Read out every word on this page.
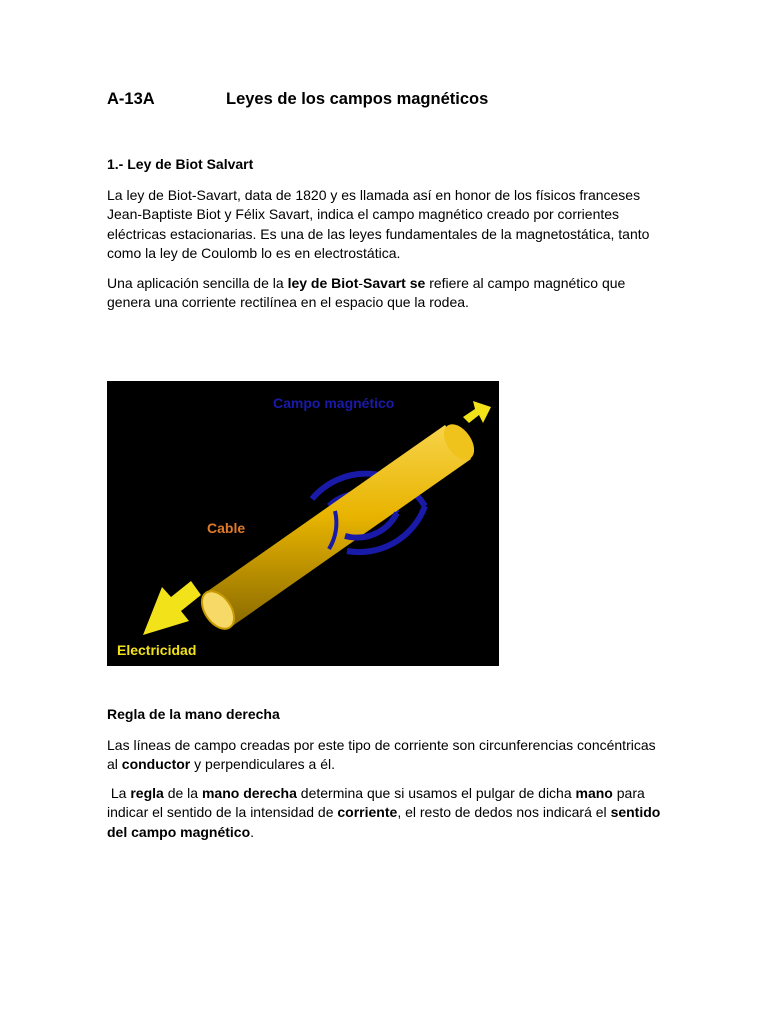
A-13A	Leyes de los campos magnéticos
1.- Ley de Biot Salvart

La ley de Biot-Savart, data de 1820 y es llamada así en honor de los físicos franceses Jean-Baptiste Biot y Félix Savart, indica el campo magnético creado por corrientes eléctricas estacionarias. Es una de las leyes fundamentales de la magnetostática, tanto como la ley de Coulomb lo es en electrostática.

Una aplicación sencilla de la ley de Biot-Savart se refiere al campo magnético que genera una corriente rectilínea en el espacio que la rodea.

Campo magnético
Cable
Electricidad
Regla de la mano derecha

Las líneas de campo creadas por este tipo de corriente son circunferencias concéntricas al conductor y perpendiculares a él.

La regla de la mano derecha determina que si usamos el pulgar de dicha mano para indicar el sentido de la intensidad de corriente, el resto de dedos nos indicará el sentido del campo magnético.
